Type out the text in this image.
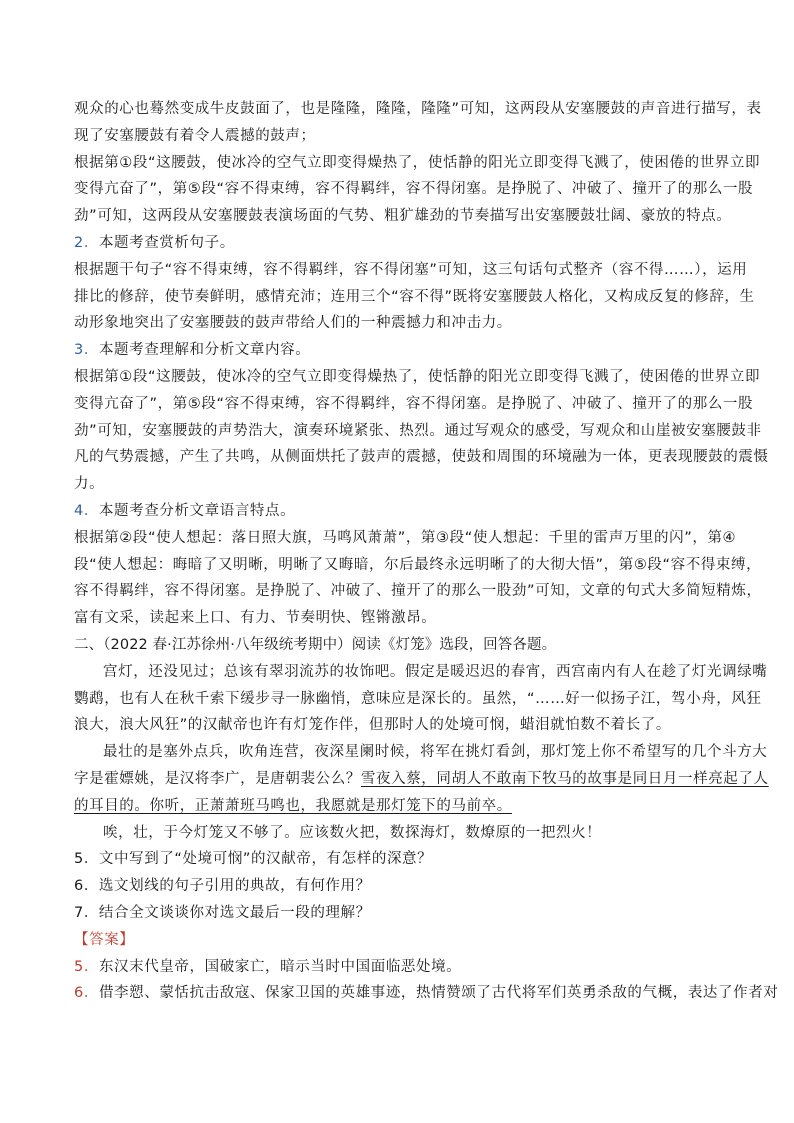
观众的心也蓦然变成牛皮鼓面了，也是隆隆，隆隆，隆隆”可知，这两段从安塞腰鼓的声音进行描写，表
现了安塞腰鼓有着令人震撼的鼓声；
根据第①段“这腰鼓，使冰冷的空气立即变得燥热了，使恬静的阳光立即变得飞溅了，使困倦的世界立即
变得亢奋了”，第⑤段“容不得束缚，容不得羁绊，容不得闭塞。是挣脱了、冲破了、撞开了的那么一股
劲”可知，这两段从安塞腰鼓表演场面的气势、粗犷雄劲的节奏描写出安塞腰鼓壮阔、豪放的特点。
2．本题考查赏析句子。
根据题干句子“容不得束缚，容不得羁绊，容不得闭塞”可知，这三句话句式整齐（容不得……），运用
排比的修辞，使节奏鲜明，感情充沛；连用三个“容不得”既将安塞腰鼓人格化，又构成反复的修辞，生
动形象地突出了安塞腰鼓的鼓声带给人们的一种震撼力和冲击力。
3．本题考查理解和分析文章内容。
根据第①段“这腰鼓，使冰冷的空气立即变得燥热了，使恬静的阳光立即变得飞溅了，使困倦的世界立即
变得亢奋了”，第⑤段“容不得束缚，容不得羁绊，容不得闭塞。是挣脱了、冲破了、撞开了的那么一股
劲”可知，安塞腰鼓的声势浩大，演奏环境紧张、热烈。通过写观众的感受，写观众和山崖被安塞腰鼓非
凡的气势震撼，产生了共鸣，从侧面烘托了鼓声的震撼，使鼓和周围的环境融为一体，更表现腰鼓的震慑
力。
4．本题考查分析文章语言特点。
根据第②段“使人想起：落日照大旗，马鸣风萧萧”，第③段“使人想起：千里的雷声万里的闪”，第④
段“使人想起：晦暗了又明晰，明晰了又晦暗，尔后最终永远明晰了的大彻大悟”，第⑤段“容不得束缚，
容不得羁绊，容不得闭塞。是挣脱了、冲破了、撞开了的那么一股劲”可知，文章的句式大多简短精炼，
富有文采，读起来上口、有力、节奏明快、铿锵激昂。
二、（2022 春·江苏徐州·八年级统考期中）阅读《灯笼》选段，回答各题。
宫灯，还没见过；总该有翠羽流苏的妆饰吧。假定是暖迟迟的春宵，西宫南内有人在趁了灯光调绿嘴
鹦鹉，也有人在秋千索下缓步寻一脉幽悄，意味应是深长的。虽然，“……好一似扬子江，驾小舟，风狂
浪大，浪大风狂”的汉献帝也许有灯笼作伴，但那时人的处境可悯，蜡泪就怕数不着长了。
最壮的是塞外点兵，吹角连营，夜深星阑时候，将军在挑灯看剑，那灯笼上你不希望写的几个斗方大
字是霍嫖姚，是汉将李广，是唐朝裴公么？雪夜入蔡，同胡人不敢南下牧马的故事是同日月一样亮起了人
的耳目的。你听，正萧萧班马鸣也，我愿就是那灯笼下的马前卒。
唉，壮，于今灯笼又不够了。应该数火把，数探海灯，数燎原的一把烈火！
5．文中写到了“处境可悯”的汉献帝，有怎样的深意？
6．选文划线的句子引用的典故，有何作用？
7．结合全文谈谈你对选文最后一段的理解？
【答案】
5．东汉末代皇帝，国破家亡，暗示当时中国面临恶处境。
6．借李愬、蒙恬抗击敌寇、保家卫国的英雄事迹，热情赞颂了古代将军们英勇杀敌的气概，表达了作者对
